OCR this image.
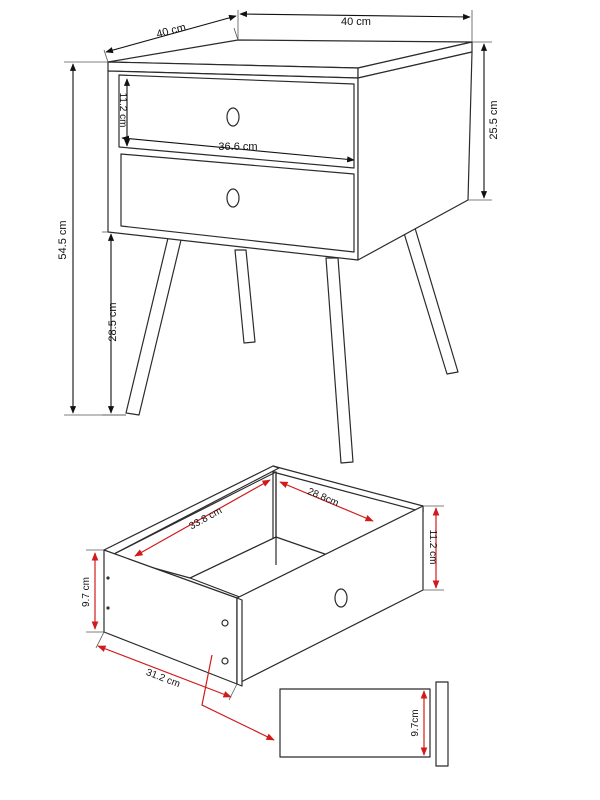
40 cm	40 cm
54.5 cm
28.5 cm
25.5 cm
11.2 cm
36.6 cm
33.8 cm
28.8cm
11.2 cm
9.7 cm
31.2 cm
9.7cm
